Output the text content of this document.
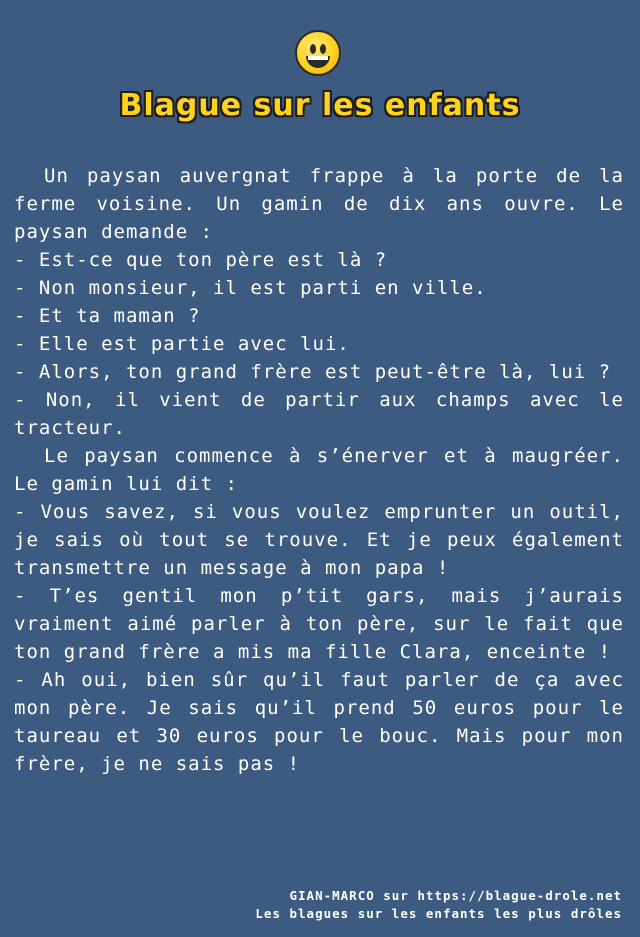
Blague sur les enfants

Un paysan auvergnat frappe à la porte de la ferme voisine. Un gamin de dix ans ouvre. Le paysan demande :

- Est-ce que ton père est là ?

- Non monsieur, il est parti en ville.

- Et ta maman ?

- Elle est partie avec lui.

- Alors, ton grand frère est peut-être là, lui ?

- Non, il vient de partir aux champs avec le tracteur.

Le paysan commence à s’énerver et à maugréer. Le gamin lui dit :

- Vous savez, si vous voulez emprunter un outil, je sais où tout se trouve. Et je peux également transmettre un message à mon papa !

- T’es gentil mon p’tit gars, mais j’aurais vraiment aimé parler à ton père, sur le fait que ton grand frère a mis ma fille Clara, enceinte !

- Ah oui, bien sûr qu’il faut parler de ça avec mon père. Je sais qu’il prend 50 euros pour le taureau et 30 euros pour le bouc. Mais pour mon frère, je ne sais pas !

GIAN-MARCO sur https://blague-drole.net
Les blagues sur les enfants les plus drôles
